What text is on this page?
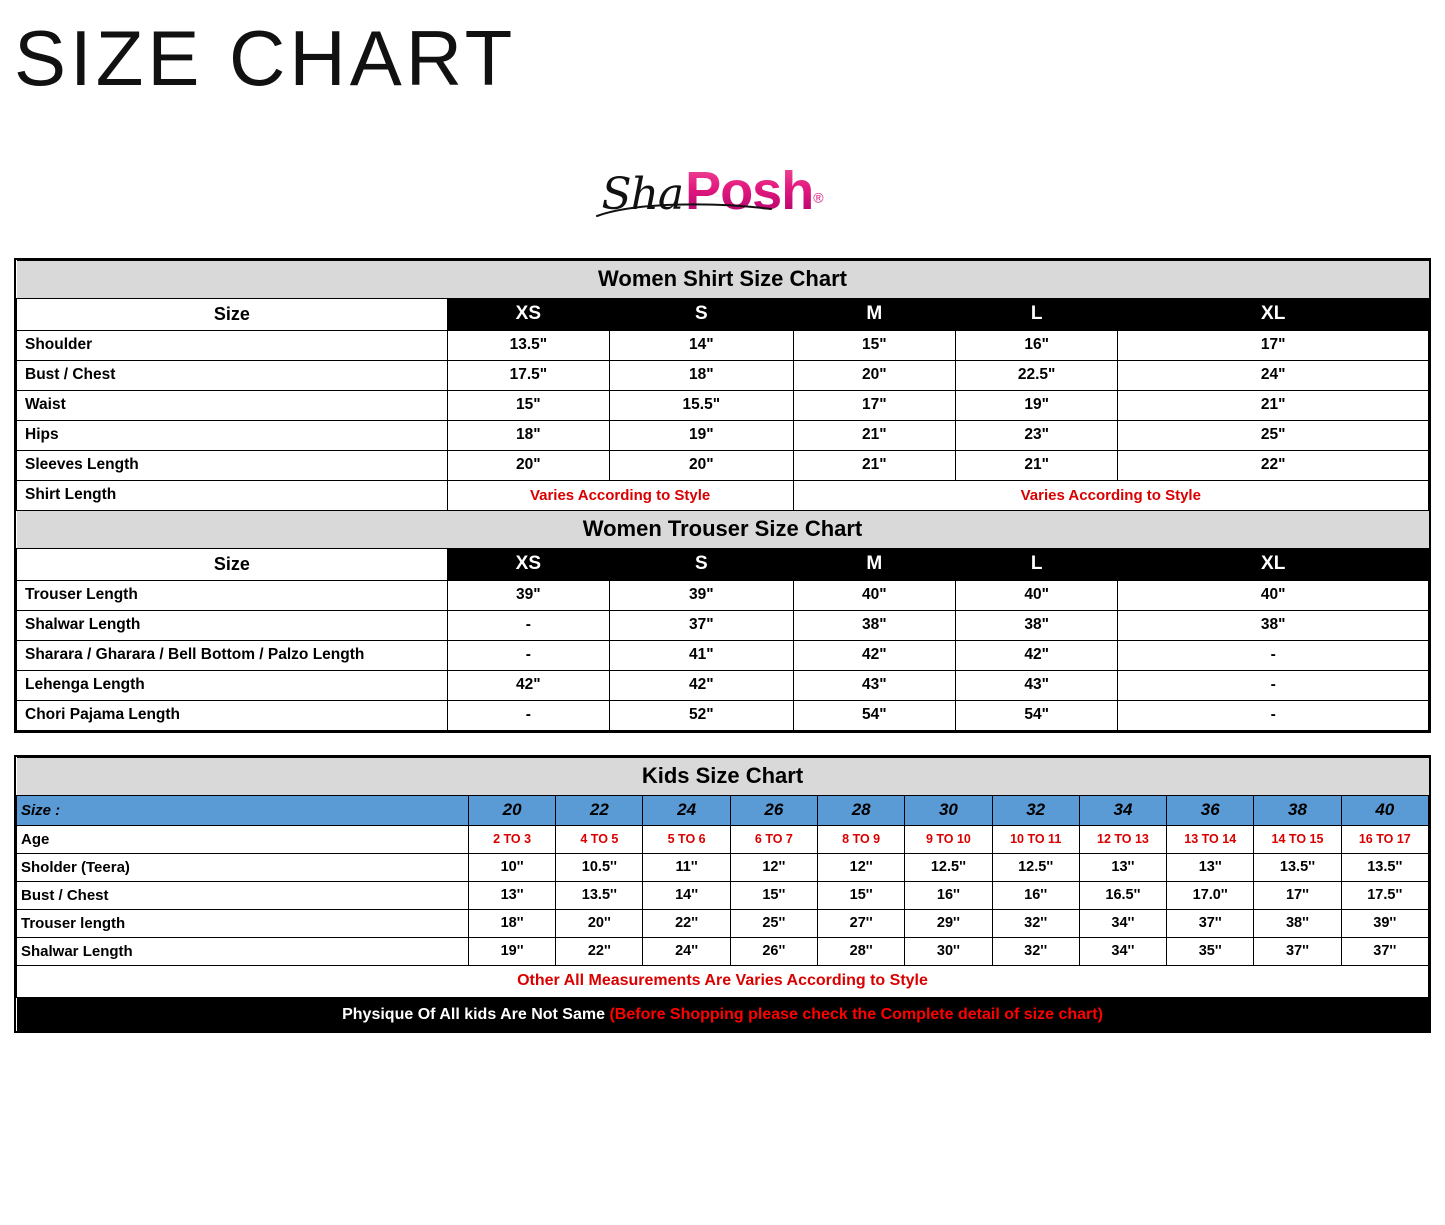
SIZE CHART
ShaPosh®
Women Shirt Size Chart					
Size	XS	S	M	L	XL
Shoulder	13.5"	14"	15"	16"	17"
Bust / Chest	17.5"	18"	20"	22.5"	24"
Waist	15"	15.5"	17"	19"	21"
Hips	18"	19"	21"	23"	25"
Sleeves Length	20"	20"	21"	21"	22"
Shirt Length	Varies According to Style		Varies According to Style		
Women Trouser Size Chart					
Size	XS	S	M	L	XL
Trouser Length	39"	39"	40"	40"	40"
Shalwar Length	-	37"	38"	38"	38"
Sharara / Gharara / Bell Bottom / Palzo Length	-	41"	42"	42"	-
Lehenga Length	42"	42"	43"	43"	-
Chori Pajama Length	-	52"	54"	54"	-
Kids Size Chart											
Size :	20	22	24	26	28	30	32	34	36	38	40
Age	2 TO 3	4 TO 5	5 TO 6	6 TO 7	8 TO 9	9 TO 10	10 TO 11	12 TO 13	13 TO 14	14 TO 15	16 TO 17
Sholder (Teera)	10''	10.5''	11''	12''	12''	12.5''	12.5''	13''	13''	13.5''	13.5''
Bust / Chest	13''	13.5''	14''	15''	15''	16''	16''	16.5''	17.0''	17''	17.5''
Trouser length	18''	20''	22''	25''	27''	29''	32''	34''	37''	38''	39''
Shalwar Length	19''	22''	24''	26''	28''	30''	32''	34''	35''	37''	37''
Other All Measurements Are Varies According to Style											
Physique Of All kids Are Not Same (Before Shopping please check the Complete detail of size chart)											
